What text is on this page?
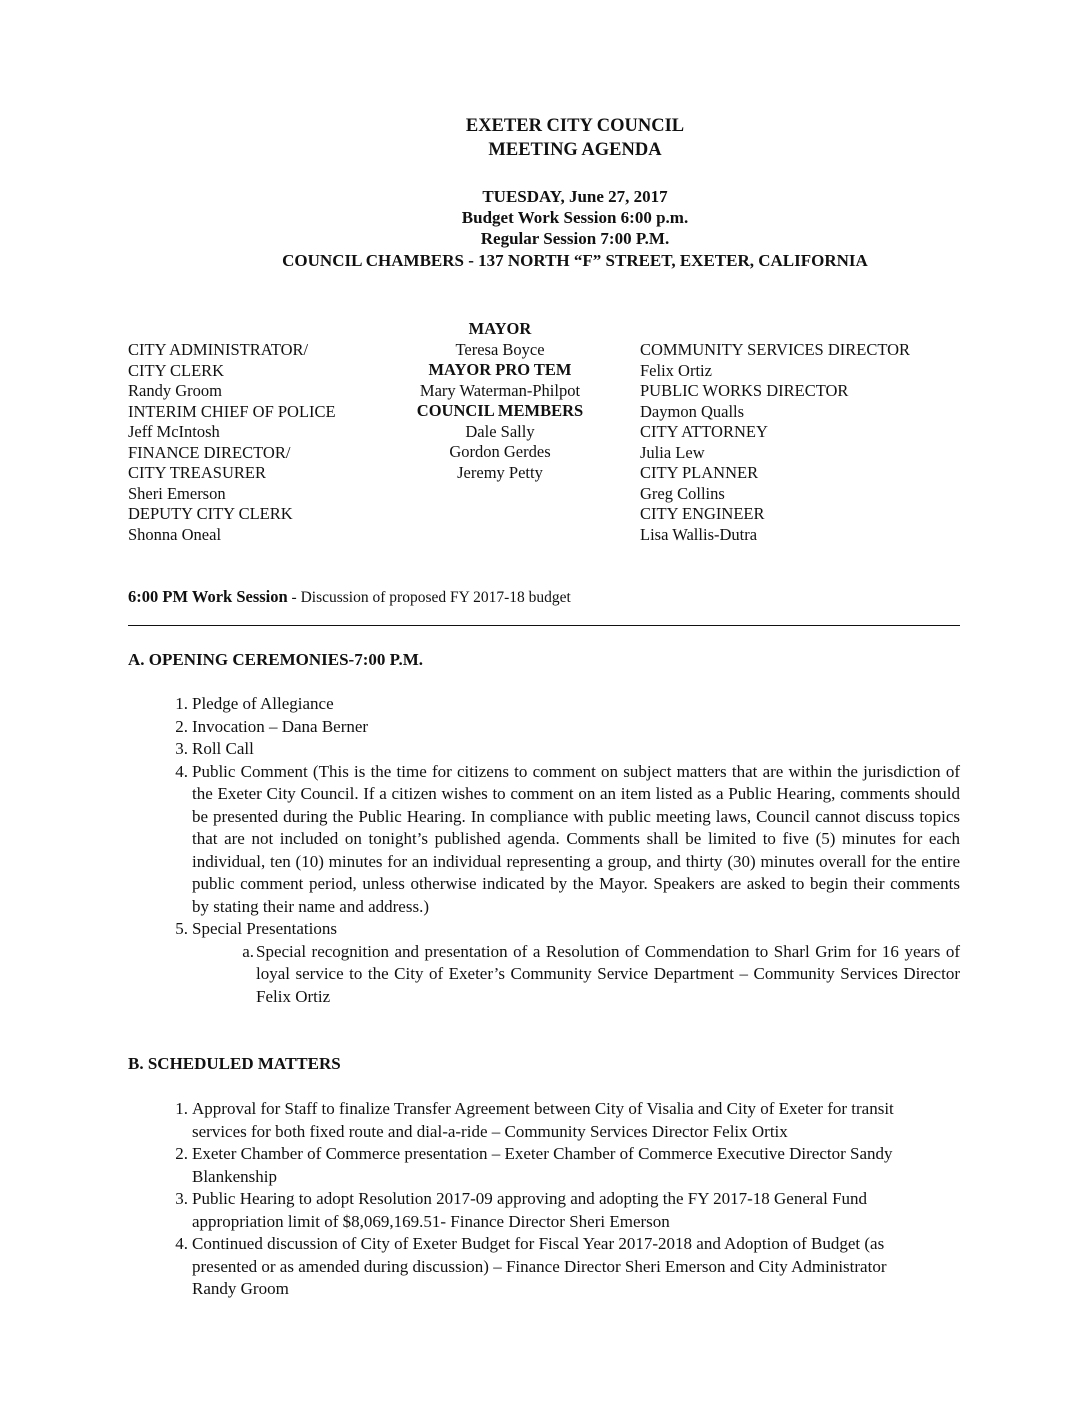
EXETER CITY COUNCIL
MEETING AGENDA
TUESDAY, June 27, 2017
Budget Work Session 6:00 p.m.
Regular Session 7:00 P.M.
COUNCIL CHAMBERS - 137 NORTH “F” STREET, EXETER, CALIFORNIA
CITY ADMINISTRATOR/
CITY CLERK
Randy Groom
INTERIM CHIEF OF POLICE
Jeff McIntosh
FINANCE DIRECTOR/
CITY TREASURER
Sheri Emerson
DEPUTY CITY CLERK
Shonna Oneal
MAYOR
Teresa Boyce
MAYOR PRO TEM
Mary Waterman-Philpot
COUNCIL MEMBERS
Dale Sally
Gordon Gerdes
Jeremy Petty
COMMUNITY SERVICES DIRECTOR
Felix Ortiz
PUBLIC WORKS DIRECTOR
Daymon Qualls
CITY ATTORNEY
Julia Lew
CITY PLANNER
Greg Collins
CITY ENGINEER
Lisa Wallis-Dutra
6:00 PM Work Session - Discussion of proposed FY 2017-18 budget
A. OPENING CEREMONIES-7:00 P.M.
1. Pledge of Allegiance
2. Invocation – Dana Berner
3. Roll Call
4. Public Comment (This is the time for citizens to comment on subject matters that are within the jurisdiction of the Exeter City Council. If a citizen wishes to comment on an item listed as a Public Hearing, comments should be presented during the Public Hearing. In compliance with public meeting laws, Council cannot discuss topics that are not included on tonight’s published agenda. Comments shall be limited to five (5) minutes for each individual, ten (10) minutes for an individual representing a group, and thirty (30) minutes overall for the entire public comment period, unless otherwise indicated by the Mayor. Speakers are asked to begin their comments by stating their name and address.)
5. Special Presentations
a. Special recognition and presentation of a Resolution of Commendation to Sharl Grim for 16 years of loyal service to the City of Exeter’s Community Service Department – Community Services Director Felix Ortiz
B. SCHEDULED MATTERS
1. Approval for Staff to finalize Transfer Agreement between City of Visalia and City of Exeter for transit services for both fixed route and dial-a-ride – Community Services Director Felix Ortix
2. Exeter Chamber of Commerce presentation – Exeter Chamber of Commerce Executive Director Sandy Blankenship
3. Public Hearing to adopt Resolution 2017-09 approving and adopting the FY 2017-18 General Fund appropriation limit of $8,069,169.51- Finance Director Sheri Emerson
4. Continued discussion of City of Exeter Budget for Fiscal Year 2017-2018 and Adoption of Budget (as presented or as amended during discussion) – Finance Director Sheri Emerson and City Administrator Randy Groom
